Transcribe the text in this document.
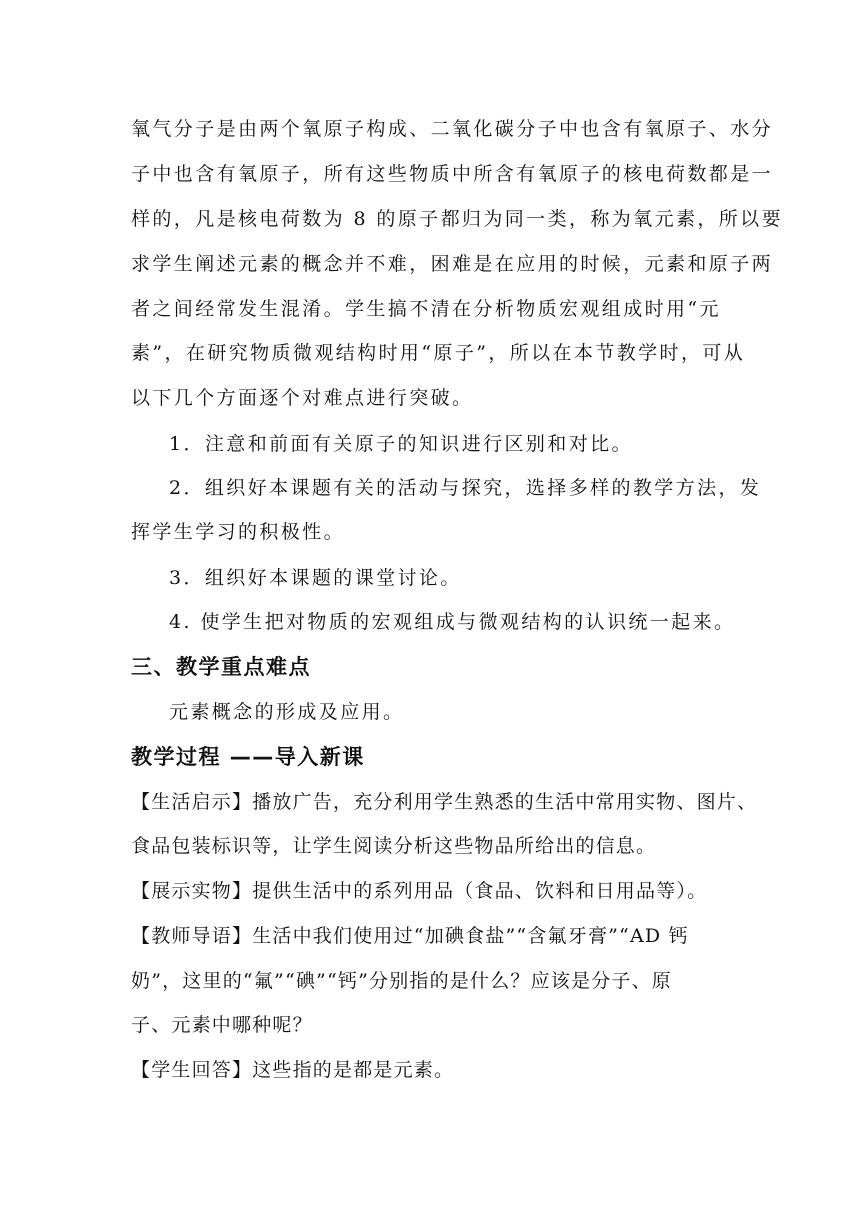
氧气分子是由两个氧原子构成、二氧化碳分子中也含有氧原子、水分
子中也含有氧原子，所有这些物质中所含有氧原子的核电荷数都是一
样的，凡是核电荷数为 8 的原子都归为同一类，称为氧元素，所以要
求学生阐述元素的概念并不难，困难是在应用的时候，元素和原子两
者之间经常发生混淆。学生搞不清在分析物质宏观组成时用“元
素”，在研究物质微观结构时用“原子”，所以在本节教学时，可从
以下几个方面逐个对难点进行突破。
1．注意和前面有关原子的知识进行区别和对比。
2．组织好本课题有关的活动与探究，选择多样的教学方法，发
挥学生学习的积极性。
3．组织好本课题的课堂讨论。
4. 使学生把对物质的宏观组成与微观结构的认识统一起来。
三、教学重点难点
元素概念的形成及应用。
教学过程 ——导入新课
【生活启示】播放广告，充分利用学生熟悉的生活中常用实物、图片、
食品包装标识等，让学生阅读分析这些物品所给出的信息。
【展示实物】提供生活中的系列用品（食品、饮料和日用品等）。
【教师导语】生活中我们使用过“加碘食盐”“含氟牙膏”“AD 钙
奶”，这里的“氟”“碘”“钙”分别指的是什么？应该是分子、原
子、元素中哪种呢？
【学生回答】这些指的是都是元素。
